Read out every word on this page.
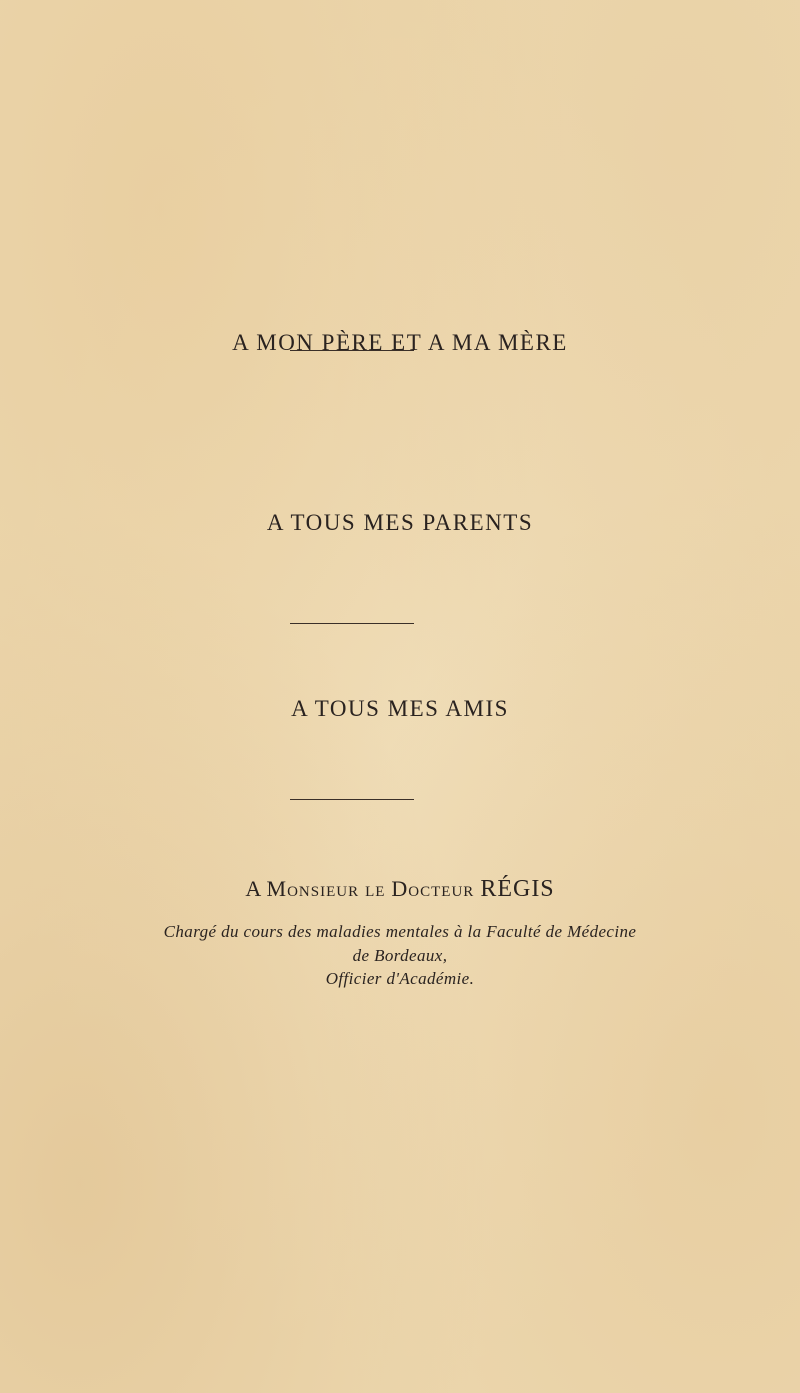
A MON PÈRE ET A MA MÈRE
A TOUS MES PARENTS
A TOUS MES AMIS
A Monsieur le Docteur RÉGIS
Chargé du cours des maladies mentales à la Faculté de Médecine
de Bordeaux,
Officier d'Académie.
